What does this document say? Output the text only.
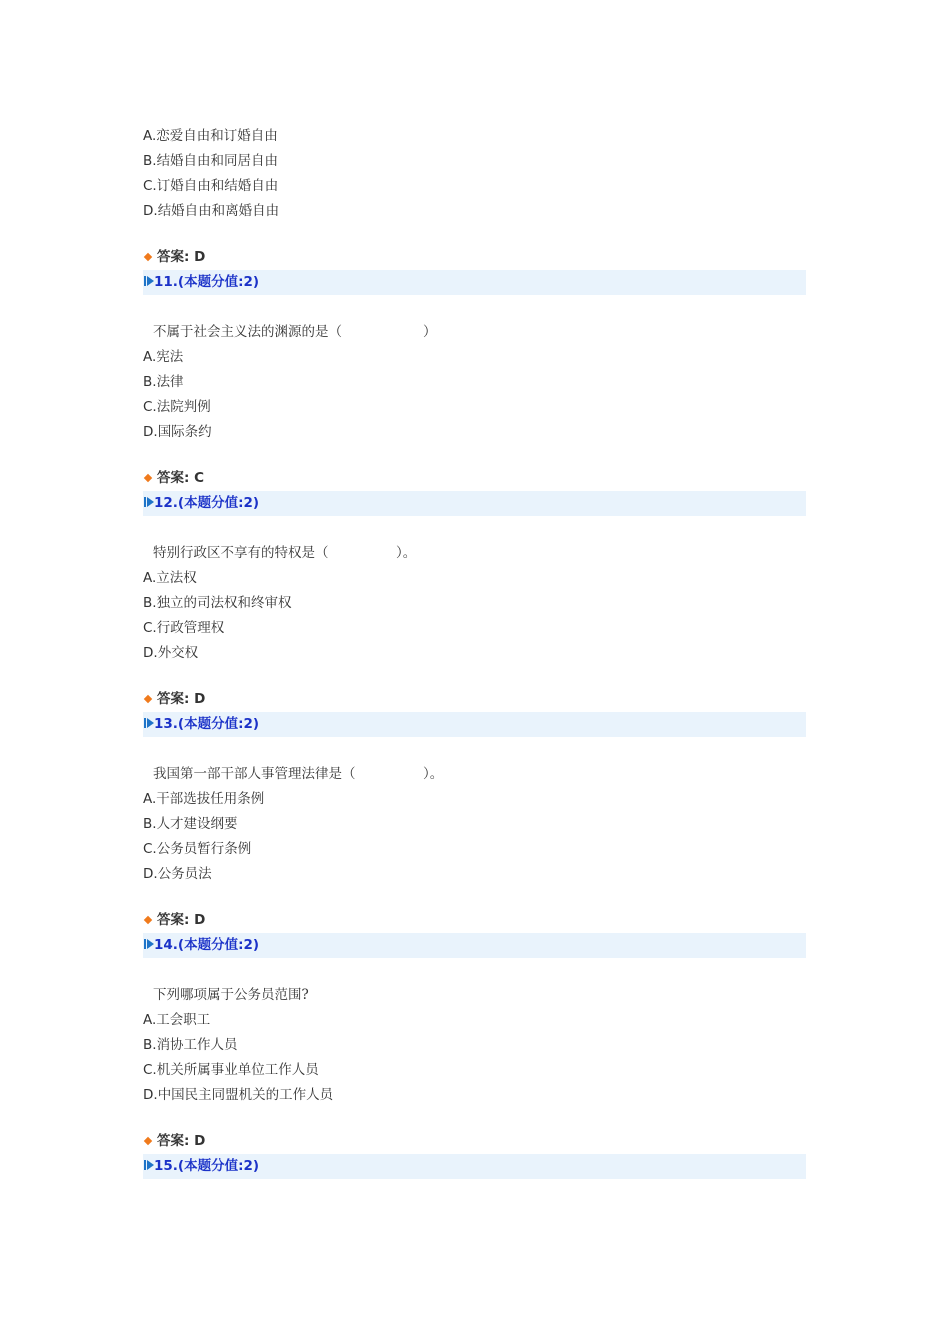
A.恋爱自由和订婚自由
B.结婚自由和同居自由
C.订婚自由和结婚自由
D.结婚自由和离婚自由
答案: D
11.(本题分值:2)
不属于社会主义法的渊源的是（　　　　　　）
A.宪法
B.法律
C.法院判例
D.国际条约
答案: C
12.(本题分值:2)
特别行政区不享有的特权是（　　　　　）。
A.立法权
B.独立的司法权和终审权
C.行政管理权
D.外交权
答案: D
13.(本题分值:2)
我国第一部干部人事管理法律是（　　　　　）。
A.干部选拔任用条例
B.人才建设纲要
C.公务员暂行条例
D.公务员法
答案: D
14.(本题分值:2)
下列哪项属于公务员范围?
A.工会职工
B.消协工作人员
C.机关所属事业单位工作人员
D.中国民主同盟机关的工作人员
答案: D
15.(本题分值:2)
